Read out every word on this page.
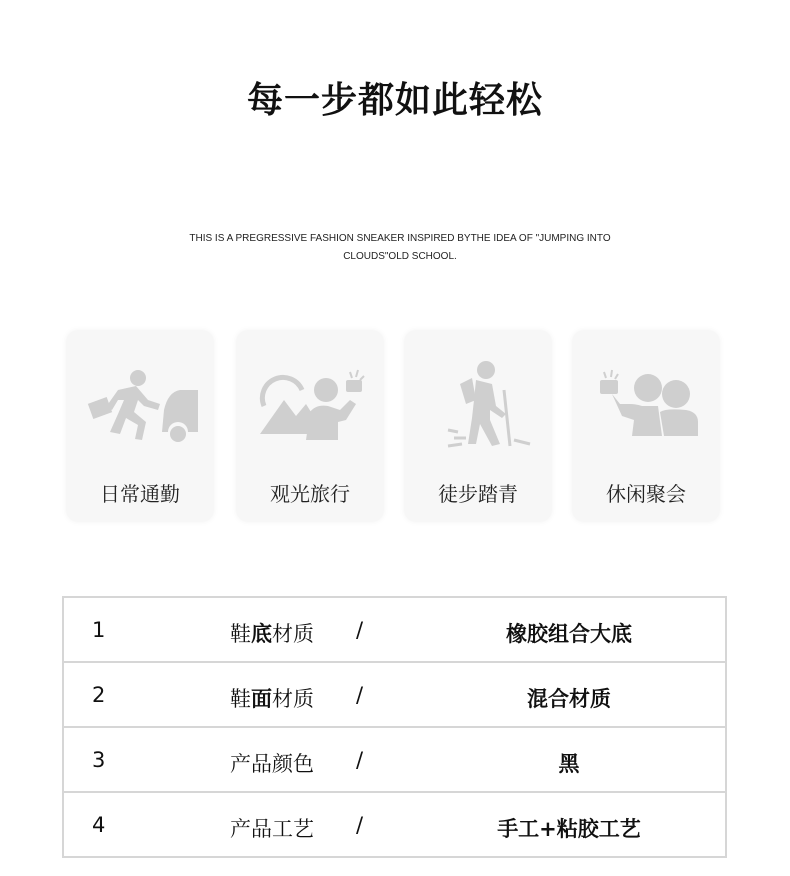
每一步都如此轻松
THIS IS A PREGRESSIVE FASHION SNEAKER INSPIRED BYTHE IDEA OF "JUMPING INTO
CLOUDS"OLD SCHOOL.
日常通勤	观光旅行	徒步踏青	休闲聚会
1	鞋底材质 /	橡胶组合大底
2	鞋面材质 /	混合材质
3	产品颜色 /	黑
4	产品工艺 /	手工+粘胶工艺
